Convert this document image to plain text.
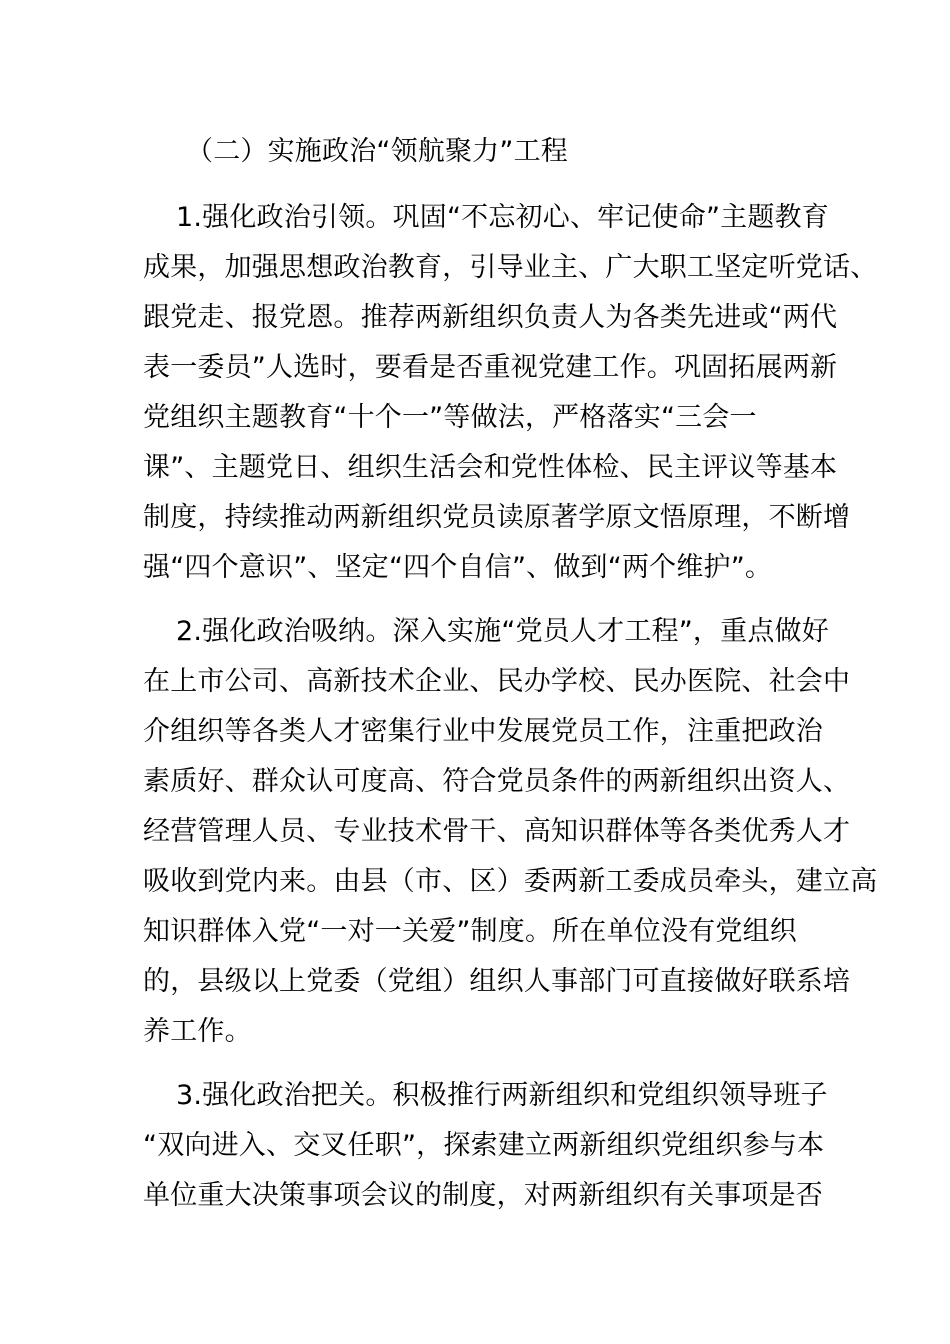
（二）实施政治“领航聚力”工程
1.强化政治引领。巩固“不忘初心、牢记使命”主题教育
成果，加强思想政治教育，引导业主、广大职工坚定听党话、
跟党走、报党恩。推荐两新组织负责人为各类先进或“两代
表一委员”人选时，要看是否重视党建工作。巩固拓展两新
党组织主题教育“十个一”等做法，严格落实“三会一
课”、主题党日、组织生活会和党性体检、民主评议等基本
制度，持续推动两新组织党员读原著学原文悟原理，不断增
强“四个意识”、坚定“四个自信”、做到“两个维护”。
2.强化政治吸纳。深入实施“党员人才工程”，重点做好
在上市公司、高新技术企业、民办学校、民办医院、社会中
介组织等各类人才密集行业中发展党员工作，注重把政治
素质好、群众认可度高、符合党员条件的两新组织出资人、
经营管理人员、专业技术骨干、高知识群体等各类优秀人才
吸收到党内来。由县（市、区）委两新工委成员牵头，建立高
知识群体入党“一对一关爱”制度。所在单位没有党组织
的，县级以上党委（党组）组织人事部门可直接做好联系培
养工作。
3.强化政治把关。积极推行两新组织和党组织领导班子
“双向进入、交叉任职”，探索建立两新组织党组织参与本
单位重大决策事项会议的制度，对两新组织有关事项是否
